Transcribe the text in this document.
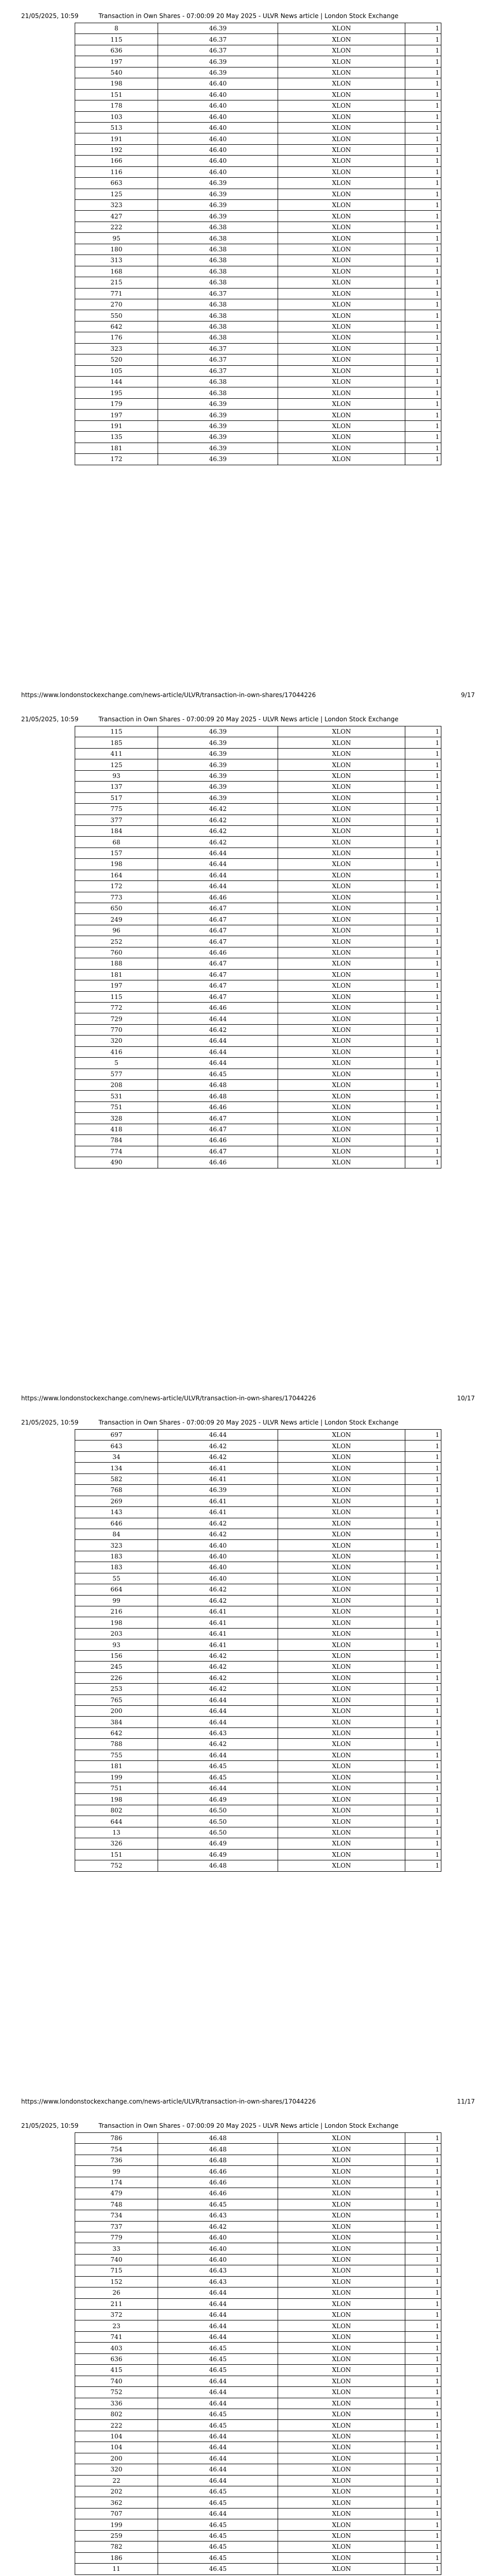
21/05/2025, 10:59	Transaction in Own Shares - 07:00:09 20 May 2025 - ULVR News article | London Stock Exchange
8	46.39	XLON	1
115	46.37	XLON	1
636	46.37	XLON	1
197	46.39	XLON	1
540	46.39	XLON	1
198	46.40	XLON	1
151	46.40	XLON	1
178	46.40	XLON	1
103	46.40	XLON	1
513	46.40	XLON	1
191	46.40	XLON	1
192	46.40	XLON	1
166	46.40	XLON	1
116	46.40	XLON	1
663	46.39	XLON	1
125	46.39	XLON	1
323	46.39	XLON	1
427	46.39	XLON	1
222	46.38	XLON	1
95	46.38	XLON	1
180	46.38	XLON	1
313	46.38	XLON	1
168	46.38	XLON	1
215	46.38	XLON	1
771	46.37	XLON	1
270	46.38	XLON	1
550	46.38	XLON	1
642	46.38	XLON	1
176	46.38	XLON	1
323	46.37	XLON	1
520	46.37	XLON	1
105	46.37	XLON	1
144	46.38	XLON	1
195	46.38	XLON	1
179	46.39	XLON	1
197	46.39	XLON	1
191	46.39	XLON	1
135	46.39	XLON	1
181	46.39	XLON	1
172	46.39	XLON	1
https://www.londonstockexchange.com/news-article/ULVR/transaction-in-own-shares/17044226	9/17
21/05/2025, 10:59	Transaction in Own Shares - 07:00:09 20 May 2025 - ULVR News article | London Stock Exchange
115	46.39	XLON	1
185	46.39	XLON	1
411	46.39	XLON	1
125	46.39	XLON	1
93	46.39	XLON	1
137	46.39	XLON	1
517	46.39	XLON	1
775	46.42	XLON	1
377	46.42	XLON	1
184	46.42	XLON	1
68	46.42	XLON	1
157	46.44	XLON	1
198	46.44	XLON	1
164	46.44	XLON	1
172	46.44	XLON	1
773	46.46	XLON	1
650	46.47	XLON	1
249	46.47	XLON	1
96	46.47	XLON	1
252	46.47	XLON	1
760	46.46	XLON	1
188	46.47	XLON	1
181	46.47	XLON	1
197	46.47	XLON	1
115	46.47	XLON	1
772	46.46	XLON	1
729	46.44	XLON	1
770	46.42	XLON	1
320	46.44	XLON	1
416	46.44	XLON	1
5	46.44	XLON	1
577	46.45	XLON	1
208	46.48	XLON	1
531	46.48	XLON	1
751	46.46	XLON	1
328	46.47	XLON	1
418	46.47	XLON	1
784	46.46	XLON	1
774	46.47	XLON	1
490	46.46	XLON	1
https://www.londonstockexchange.com/news-article/ULVR/transaction-in-own-shares/17044226	10/17
21/05/2025, 10:59	Transaction in Own Shares - 07:00:09 20 May 2025 - ULVR News article | London Stock Exchange
697	46.44	XLON	1
643	46.42	XLON	1
34	46.42	XLON	1
134	46.41	XLON	1
582	46.41	XLON	1
768	46.39	XLON	1
269	46.41	XLON	1
143	46.41	XLON	1
646	46.42	XLON	1
84	46.42	XLON	1
323	46.40	XLON	1
183	46.40	XLON	1
183	46.40	XLON	1
55	46.40	XLON	1
664	46.42	XLON	1
99	46.42	XLON	1
216	46.41	XLON	1
198	46.41	XLON	1
203	46.41	XLON	1
93	46.41	XLON	1
156	46.42	XLON	1
245	46.42	XLON	1
226	46.42	XLON	1
253	46.42	XLON	1
765	46.44	XLON	1
200	46.44	XLON	1
384	46.44	XLON	1
642	46.43	XLON	1
788	46.42	XLON	1
755	46.44	XLON	1
181	46.45	XLON	1
199	46.45	XLON	1
751	46.44	XLON	1
198	46.49	XLON	1
802	46.50	XLON	1
644	46.50	XLON	1
13	46.50	XLON	1
326	46.49	XLON	1
151	46.49	XLON	1
752	46.48	XLON	1
https://www.londonstockexchange.com/news-article/ULVR/transaction-in-own-shares/17044226	11/17
21/05/2025, 10:59	Transaction in Own Shares - 07:00:09 20 May 2025 - ULVR News article | London Stock Exchange
786	46.48	XLON	1
754	46.48	XLON	1
736	46.48	XLON	1
99	46.46	XLON	1
174	46.46	XLON	1
479	46.46	XLON	1
748	46.45	XLON	1
734	46.43	XLON	1
737	46.42	XLON	1
779	46.40	XLON	1
33	46.40	XLON	1
740	46.40	XLON	1
715	46.43	XLON	1
152	46.43	XLON	1
26	46.44	XLON	1
211	46.44	XLON	1
372	46.44	XLON	1
23	46.44	XLON	1
741	46.44	XLON	1
403	46.45	XLON	1
636	46.45	XLON	1
415	46.45	XLON	1
740	46.44	XLON	1
752	46.44	XLON	1
336	46.44	XLON	1
802	46.45	XLON	1
222	46.45	XLON	1
104	46.44	XLON	1
104	46.44	XLON	1
200	46.44	XLON	1
320	46.44	XLON	1
22	46.44	XLON	1
202	46.45	XLON	1
362	46.45	XLON	1
707	46.44	XLON	1
199	46.45	XLON	1
259	46.45	XLON	1
782	46.45	XLON	1
186	46.45	XLON	1
11	46.45	XLON	1
